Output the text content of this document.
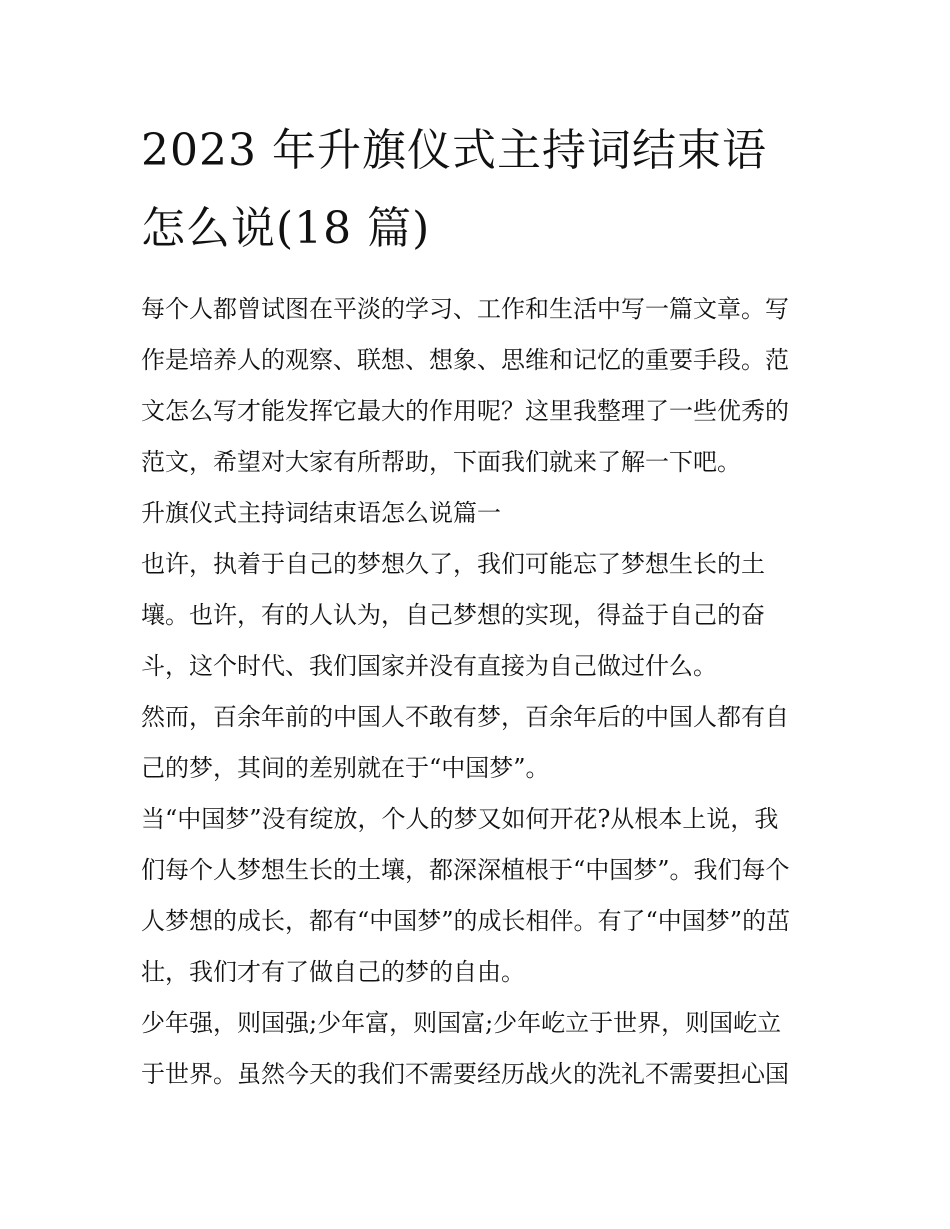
2023 年升旗仪式主持词结束语
怎么说(18 篇)

每个人都曾试图在平淡的学习、工作和生活中写一篇文章。写
作是培养人的观察、联想、想象、思维和记忆的重要手段。范
文怎么写才能发挥它最大的作用呢？这里我整理了一些优秀的
范文，希望对大家有所帮助，下面我们就来了解一下吧。

升旗仪式主持词结束语怎么说篇一

也许，执着于自己的梦想久了，我们可能忘了梦想生长的土
壤。也许，有的人认为，自己梦想的实现，得益于自己的奋
斗，这个时代、我们国家并没有直接为自己做过什么。

然而，百余年前的中国人不敢有梦，百余年后的中国人都有自
己的梦，其间的差别就在于“中国梦”。

当“中国梦”没有绽放，个人的梦又如何开花?从根本上说，我
们每个人梦想生长的土壤，都深深植根于“中国梦”。我们每个
人梦想的成长，都有“中国梦”的成长相伴。有了“中国梦”的茁
壮，我们才有了做自己的梦的自由。

少年强，则国强;少年富，则国富;少年屹立于世界，则国屹立
于世界。虽然今天的我们不需要经历战火的洗礼不需要担心国
